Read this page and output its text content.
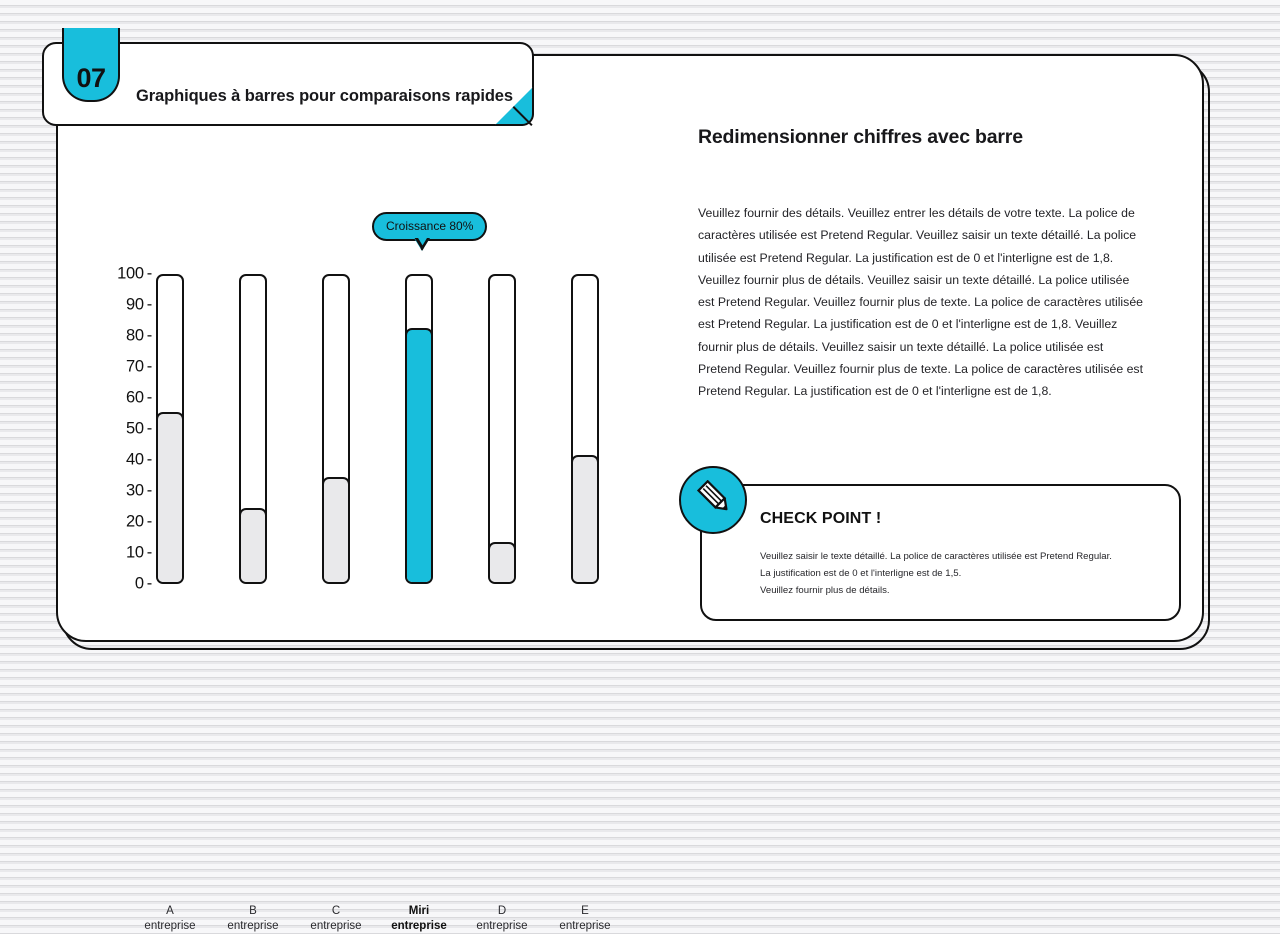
07
Graphiques à barres pour comparaisons rapides
Croissance 80%
100 -
90 -
80 -
70 -
60 -
50 -
40 -
30 -
20 -
10 -
0 -
A
entreprise
B
entreprise
C
entreprise
Miri
entreprise
D
entreprise
E
entreprise
Redimensionner chiffres avec barre

Veuillez fournir des détails. Veuillez entrer les détails de votre texte. La police de caractères utilisée est Pretend Regular. Veuillez saisir un texte détaillé. La police utilisée est Pretend Regular. La justification est de 0 et l'interligne est de 1,8. Veuillez fournir plus de détails. Veuillez saisir un texte détaillé. La police utilisée est Pretend Regular. Veuillez fournir plus de texte. La police de caractères utilisée est Pretend Regular. La justification est de 0 et l'interligne est de 1,8. Veuillez fournir plus de détails. Veuillez saisir un texte détaillé. La police utilisée est Pretend Regular. Veuillez fournir plus de texte. La police de caractères utilisée est Pretend Regular. La justification est de 0 et l'interligne est de 1,8.

CHECK POINT !
Veuillez saisir le texte détaillé. La police de caractères utilisée est Pretend Regular.
La justification est de 0 et l'interligne est de 1,5.
Veuillez fournir plus de détails.
